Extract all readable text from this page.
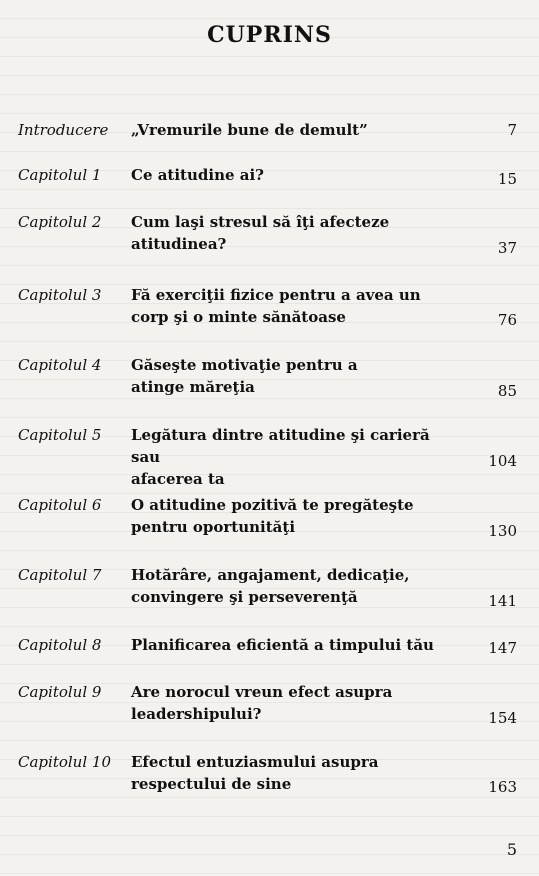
CUPRINS
Introducere „Vremurile bune de demult”	7
Capitolul 1 Ce atitudine ai?	15
Capitolul 2 Cum laşi stresul să îţi afecteze
atitudinea?	37
Capitolul 3 Fă exerciţii fizice pentru a avea un
corp şi o minte sănătoase	76
Capitolul 4 Găseşte motivaţie pentru a
atinge măreţia	85
Capitolul 5 Legătura dintre atitudine şi carieră sau
afacerea ta
104
Capitolul 6 O atitudine pozitivă te pregăteşte
pentru oportunităţi	130
Capitolul 7 Hotărâre, angajament, dedicaţie,
convingere şi perseverenţă	141
Capitolul 8 Planificarea eficientă a timpului tău	147
Capitolul 9 Are norocul vreun efect asupra
leadershipului?	154
Capitolul 10 Efectul entuziasmului asupra
respectului de sine	163
5
